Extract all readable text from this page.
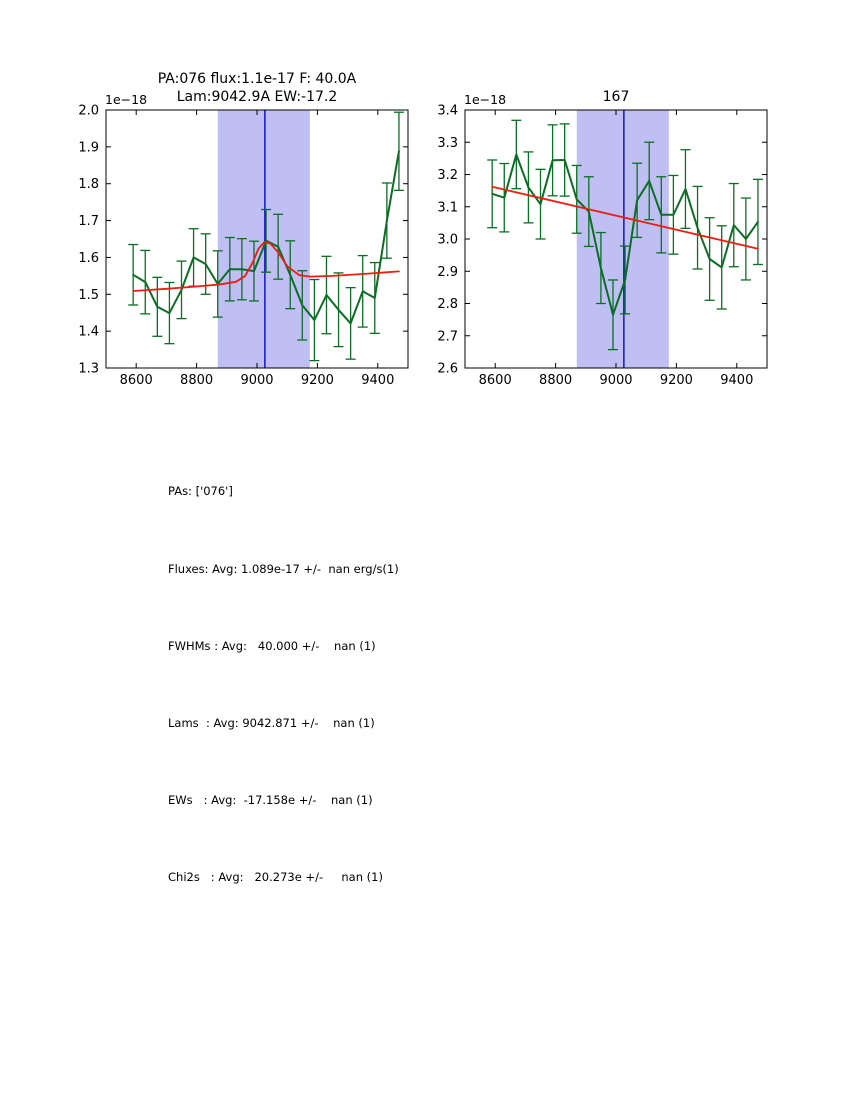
PA:076 flux:1.1e-17 F: 40.0A
Lam:9042.9A EW:-17.2	167
8600 8800 9000 9200 9400
1.3
1.4
1.5
1.6
1.7
1.8
1.9
2.0
1e−18
8600 8800 9000 9200 9400
2.6
2.7
2.8
2.9
3.0
3.1
3.2
3.3
3.4
1e−18

PAs: ['076']

Fluxes: Avg: 1.089e-17 +/-  nan erg/s(1)

FWHMs : Avg:   40.000 +/-    nan (1)

Lams  : Avg: 9042.871 +/-    nan (1)

EWs   : Avg:  -17.158e +/-    nan (1)

Chi2s   : Avg:   20.273e +/-     nan (1)
